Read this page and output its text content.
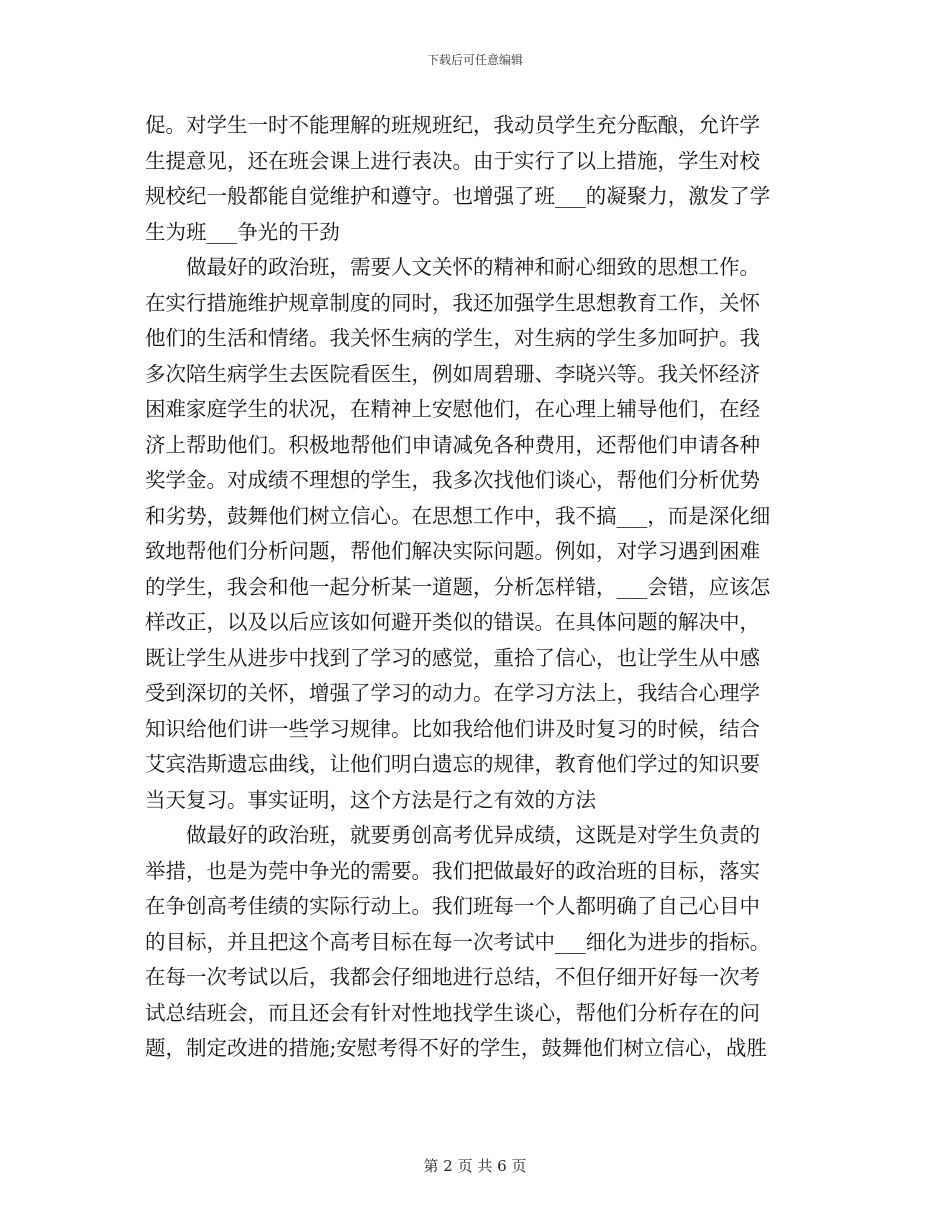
下载后可任意编辑
促。对学生一时不能理解的班规班纪，我动员学生充分酝酿，允许学
生提意见，还在班会课上进行表决。由于实行了以上措施，学生对校
规校纪一般都能自觉维护和遵守。也增强了班___的凝聚力，激发了学
生为班___争光的干劲
　　做最好的政治班，需要人文关怀的精神和耐心细致的思想工作。
在实行措施维护规章制度的同时，我还加强学生思想教育工作，关怀
他们的生活和情绪。我关怀生病的学生，对生病的学生多加呵护。我
多次陪生病学生去医院看医生，例如周碧珊、李晓兴等。我关怀经济
困难家庭学生的状况，在精神上安慰他们，在心理上辅导他们，在经
济上帮助他们。积极地帮他们申请减免各种费用，还帮他们申请各种
奖学金。对成绩不理想的学生，我多次找他们谈心，帮他们分析优势
和劣势，鼓舞他们树立信心。在思想工作中，我不搞___，而是深化细
致地帮他们分析问题，帮他们解决实际问题。例如，对学习遇到困难
的学生，我会和他一起分析某一道题，分析怎样错，___会错，应该怎
样改正，以及以后应该如何避开类似的错误。在具体问题的解决中，
既让学生从进步中找到了学习的感觉，重拾了信心，也让学生从中感
受到深切的关怀，增强了学习的动力。在学习方法上，我结合心理学
知识给他们讲一些学习规律。比如我给他们讲及时复习的时候，结合
艾宾浩斯遗忘曲线，让他们明白遗忘的规律，教育他们学过的知识要
当天复习。事实证明，这个方法是行之有效的方法
　　做最好的政治班，就要勇创高考优异成绩，这既是对学生负责的
举措，也是为莞中争光的需要。我们把做最好的政治班的目标，落实
在争创高考佳绩的实际行动上。我们班每一个人都明确了自己心目中
的目标，并且把这个高考目标在每一次考试中___细化为进步的指标。
在每一次考试以后，我都会仔细地进行总结，不但仔细开好每一次考
试总结班会，而且还会有针对性地找学生谈心，帮他们分析存在的问
题，制定改进的措施;安慰考得不好的学生，鼓舞他们树立信心，战胜
第 2 页 共 6 页
